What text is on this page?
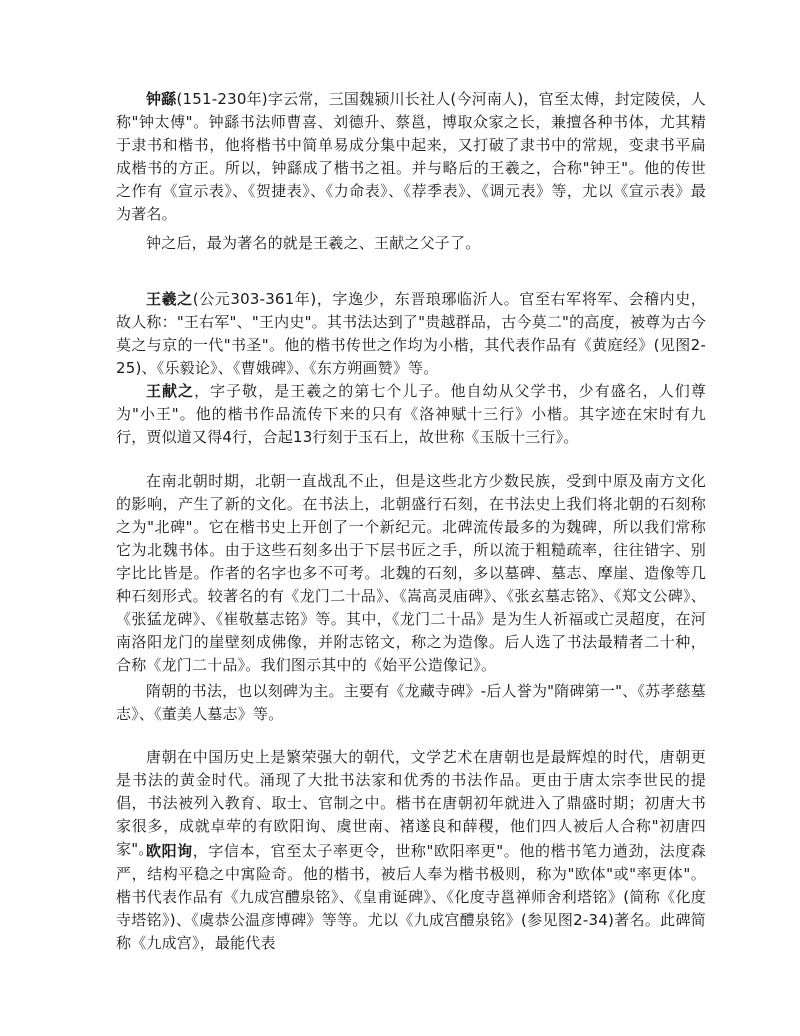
钟繇(151-230年)字云常，三国魏颍川长社人(今河南人)，官至太傅，封定陵侯，人称"钟太傅"。钟繇书法师曹喜、刘德升、蔡邕，博取众家之长，兼擅各种书体，尤其精于隶书和楷书，他将楷书中简单易成分集中起来，又打破了隶书中的常规，变隶书平扁成楷书的方正。所以，钟繇成了楷书之祖。并与略后的王羲之，合称"钟王"。他的传世之作有《宣示表》、《贺捷表》、《力命表》、《荐季表》、《调元表》等，尤以《宣示表》最为著名。

钟之后，最为著名的就是王羲之、王献之父子了。

王羲之(公元303-361年)，字逸少，东晋琅琊临沂人。官至右军将军、会稽内史，故人称："王右军"、"王内史"。其书法达到了"贵越群品，古今莫二"的高度，被尊为古今莫之与京的一代"书圣"。他的楷书传世之作均为小楷，其代表作品有《黄庭经》(见图2-25)、《乐毅论》、《曹娥碑》、《东方朔画赞》等。

王献之，字子敬，是王羲之的第七个儿子。他自幼从父学书，少有盛名，人们尊为"小王"。他的楷书作品流传下来的只有《洛神赋十三行》小楷。其字迹在宋时有九行，贾似道又得4行，合起13行刻于玉石上，故世称《玉版十三行》。

在南北朝时期，北朝一直战乱不止，但是这些北方少数民族，受到中原及南方文化的影响，产生了新的文化。在书法上，北朝盛行石刻，在书法史上我们将北朝的石刻称之为"北碑"。它在楷书史上开创了一个新纪元。北碑流传最多的为魏碑，所以我们常称它为北魏书体。由于这些石刻多出于下层书匠之手，所以流于粗糙疏率，往往错字、别字比比皆是。作者的名字也多不可考。北魏的石刻，多以墓碑、墓志、摩崖、造像等几种石刻形式。较著名的有《龙门二十品》、《嵩高灵庙碑》、《张玄墓志铭》、《郑文公碑》、《张猛龙碑》、《崔敬墓志铭》等。其中，《龙门二十品》是为生人祈福或亡灵超度，在河南洛阳龙门的崖壁刻成佛像，并附志铭文，称之为造像。后人选了书法最精者二十种，合称《龙门二十品》。我们图示其中的《始平公造像记》。

隋朝的书法，也以刻碑为主。主要有《龙藏寺碑》-后人誉为"隋碑第一"、《苏孝慈墓志》、《董美人墓志》等。

唐朝在中国历史上是繁荣强大的朝代，文学艺术在唐朝也是最辉煌的时代，唐朝更是书法的黄金时代。涌现了大批书法家和优秀的书法作品。更由于唐太宗李世民的提倡，书法被列入教育、取士、官制之中。楷书在唐朝初年就进入了鼎盛时期；初唐大书家很多，成就卓荦的有欧阳询、虞世南、褚遂良和薛稷，他们四人被后人合称"初唐四家"。

欧阳询，字信本，官至太子率更令，世称"欧阳率更"。他的楷书笔力遒劲，法度森严，结构平稳之中寓险奇。他的楷书，被后人奉为楷书极则，称为"欧体"或"率更体"。楷书代表作品有《九成宫醴泉铭》、《皇甫诞碑》、《化度寺邕禅师舍利塔铭》(简称《化度寺塔铭》)、《虞恭公温彦博碑》等等。尤以《九成宫醴泉铭》(参见图2-34)著名。此碑简称《九成宫》，最能代表
